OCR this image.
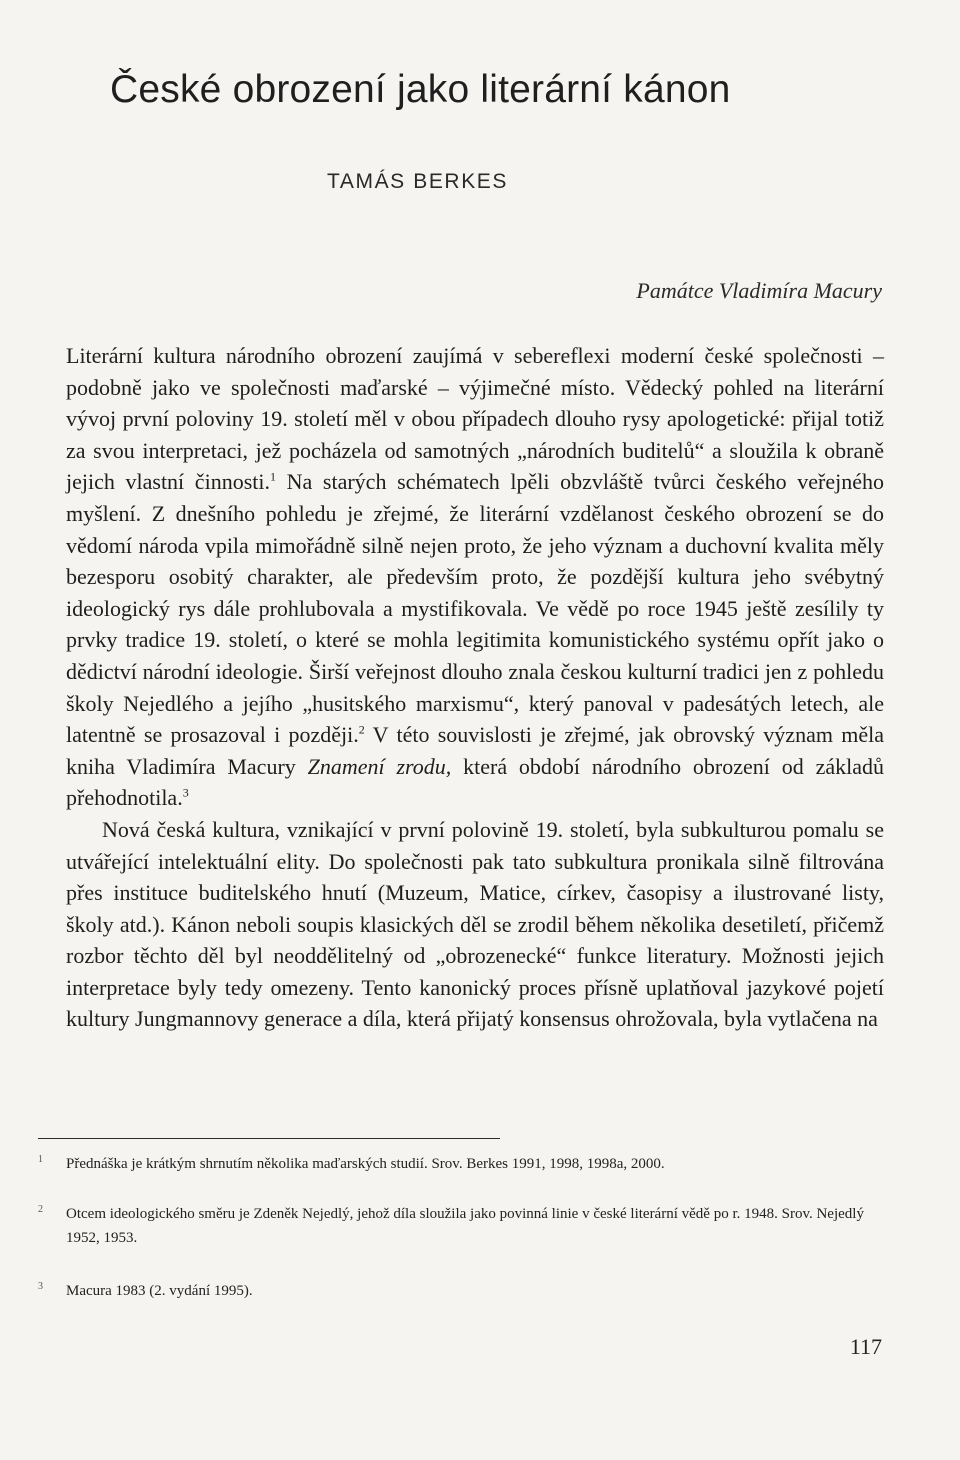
České obrození jako literární kánon
TAMÁS BERKES
Památce Vladimíra Macury

Literární kultura národního obrození zaujímá v sebereflexi moderní české společnosti – podobně jako ve společnosti maďarské – výjimečné místo. Vědecký pohled na literární vývoj první poloviny 19. století měl v obou případech dlouho rysy apologetické: přijal totiž za svou interpretaci, jež pocházela od samotných „národních buditelů“ a sloužila k obraně jejich vlastní činnosti.$^1$ Na starých schématech lpěli obzvláště tvůrci českého veřejného myšlení. Z dnešního pohledu je zřejmé, že literární vzdělanost českého obrození se do vědomí národa vpila mimořádně silně nejen proto, že jeho význam a duchovní kvalita měly bezesporu osobitý charakter, ale především proto, že pozdější kultura jeho svébytný ideologický rys dále prohlubovala a mystifikovala. Ve vědě po roce 1945 ještě zesílily ty prvky tradice 19. století, o které se mohla legitimita komunistického systému opřít jako o dědictví národní ideologie. Širší veřejnost dlouho znala českou kulturní tradici jen z pohledu školy Nejedlého a jejího „husitského marxismu“, který panoval v padesátých letech, ale latentně se prosazoval i později.$^2$ V této souvislosti je zřejmé, jak obrovský význam měla kniha Vladimíra Macury Znamení zrodu, která období národního obrození od základů přehodnotila.$^3$

Nová česká kultura, vznikající v první polovině 19. století, byla subkulturou pomalu se utvářející intelektuální elity. Do společnosti pak tato subkultura pronikala silně filtrována přes instituce buditelského hnutí (Muzeum, Matice, církev, časopisy a ilustrované listy, školy atd.). Kánon neboli soupis klasických děl se zrodil během několika desetiletí, přičemž rozbor těchto děl byl neoddělitelný od „obrozenecké“ funkce literatury. Možnosti jejich interpretace byly tedy omezeny. Tento kanonický proces přísně uplatňoval jazykové pojetí kultury Jungmannovy generace a díla, která přijatý konsensus ohrožovala, byla vytlačena na

1 Přednáška je krátkým shrnutím několika maďarských studií. Srov. Berkes 1991, 1998, 1998a, 2000.
2 Otcem ideologického směru je Zdeněk Nejedlý, jehož díla sloužila jako povinná linie v české literární vědě po r. 1948. Srov. Nejedlý 1952, 1953.
3 Macura 1983 (2. vydání 1995).
117
